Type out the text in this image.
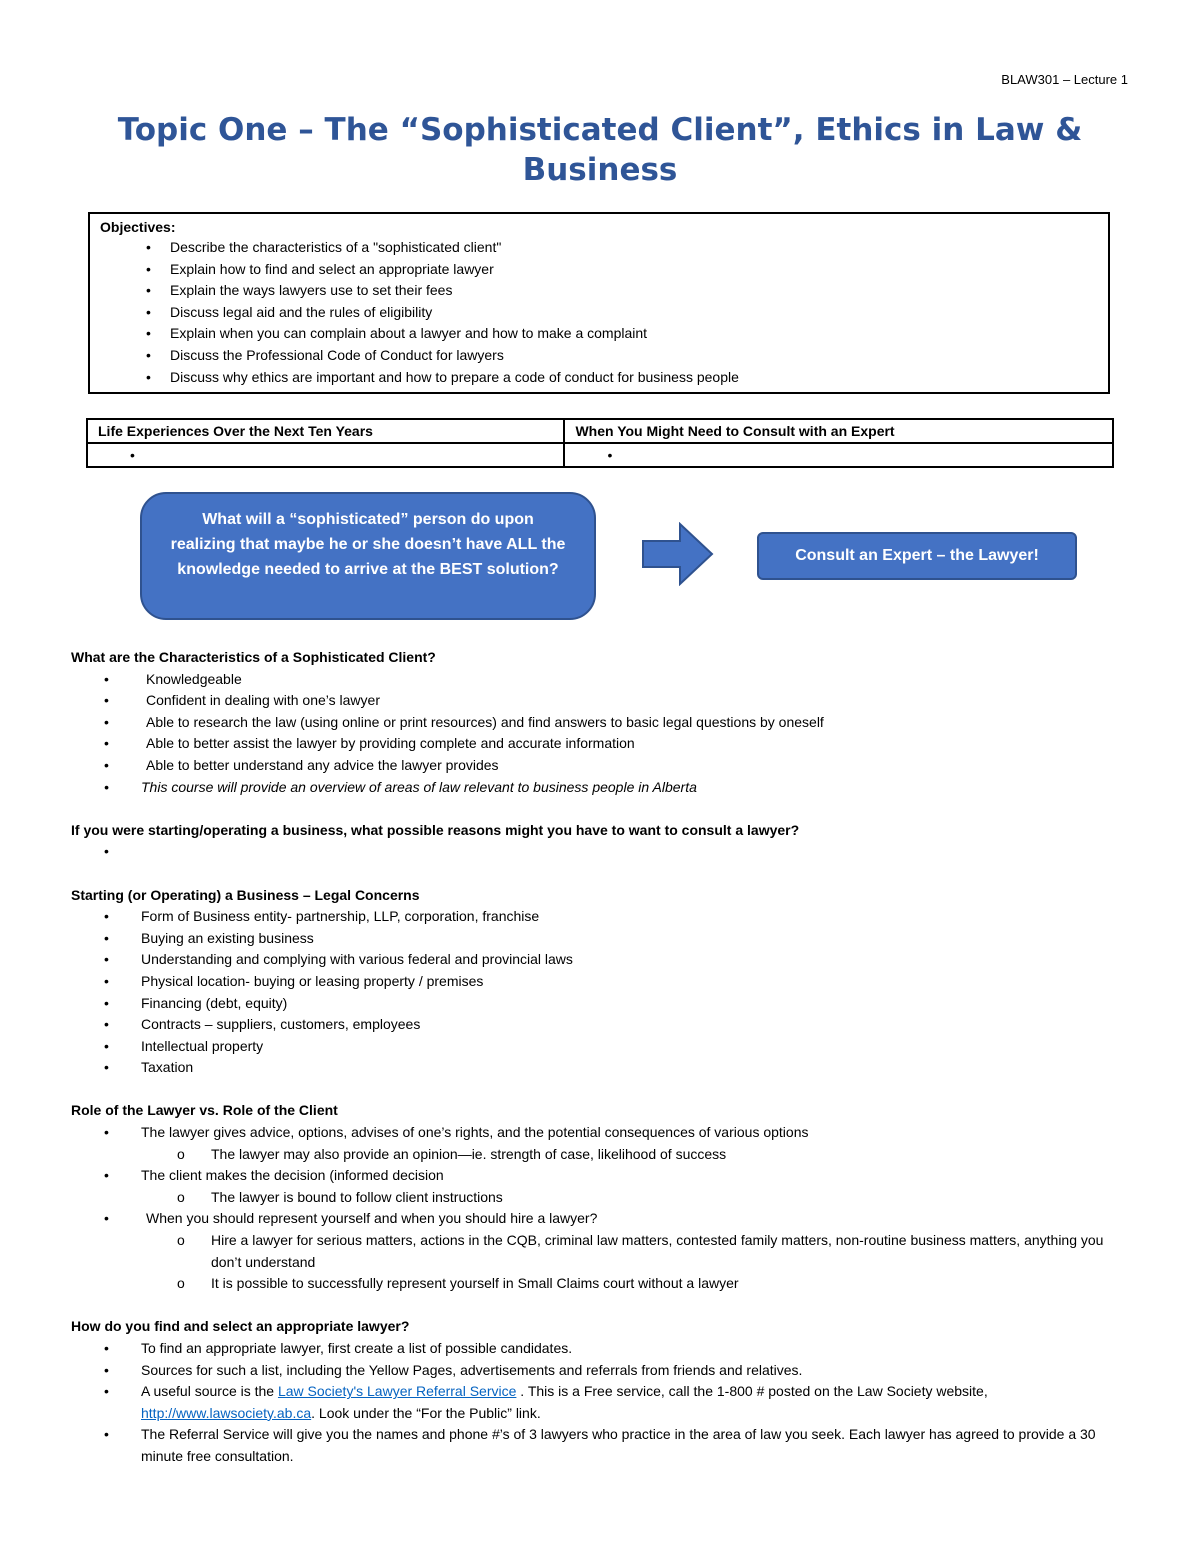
BLAW301 – Lecture 1
Topic One – The “Sophisticated Client”, Ethics in Law & Business
Objectives:
• Describe the characteristics of a "sophisticated client"
• Explain how to find and select an appropriate lawyer
• Explain the ways lawyers use to set their fees
• Discuss legal aid and the rules of eligibility
• Explain when you can complain about a lawyer and how to make a complaint
• Discuss the Professional Code of Conduct for lawyers
• Discuss why ethics are important and how to prepare a code of conduct for business people
Life Experiences Over the Next Ten Years	When You Might Need to Consult with an Expert
•	•
What will a “sophisticated” person do upon realizing that maybe he or she doesn’t have ALL the knowledge needed to arrive at the BEST solution?
Consult an Expert – the Lawyer!
What are the Characteristics of a Sophisticated Client?
• Knowledgeable
• Confident in dealing with one’s lawyer
• Able to research the law (using online or print resources) and find answers to basic legal questions by oneself
• Able to better assist the lawyer by providing complete and accurate information
• Able to better understand any advice the lawyer provides
• This course will provide an overview of areas of law relevant to business people in Alberta
If you were starting/operating a business, what possible reasons might you have to want to consult a lawyer?
•
Starting (or Operating) a Business – Legal Concerns
• Form of Business entity- partnership, LLP, corporation, franchise
• Buying an existing business
• Understanding and complying with various federal and provincial laws
• Physical location- buying or leasing property / premises
• Financing (debt, equity)
• Contracts – suppliers, customers, employees
• Intellectual property
• Taxation
Role of the Lawyer vs. Role of the Client
• The lawyer gives advice, options, advises of one’s rights, and the potential consequences of various options
o The lawyer may also provide an opinion—ie. strength of case, likelihood of success
• The client makes the decision (informed decision
o The lawyer is bound to follow client instructions
• When you should represent yourself and when you should hire a lawyer?
o Hire a lawyer for serious matters, actions in the CQB, criminal law matters, contested family matters, non-routine business matters, anything you don’t understand
o It is possible to successfully represent yourself in Small Claims court without a lawyer
How do you find and select an appropriate lawyer?
• To find an appropriate lawyer, first create a list of possible candidates.
• Sources for such a list, including the Yellow Pages, advertisements and referrals from friends and relatives.
• A useful source is the Law Society's Lawyer Referral Service . This is a Free service, call the 1-800 # posted on the Law Society website, http://www.lawsociety.ab.ca. Look under the “For the Public” link.
• The Referral Service will give you the names and phone #’s of 3 lawyers who practice in the area of law you seek. Each lawyer has agreed to provide a 30 minute free consultation.
